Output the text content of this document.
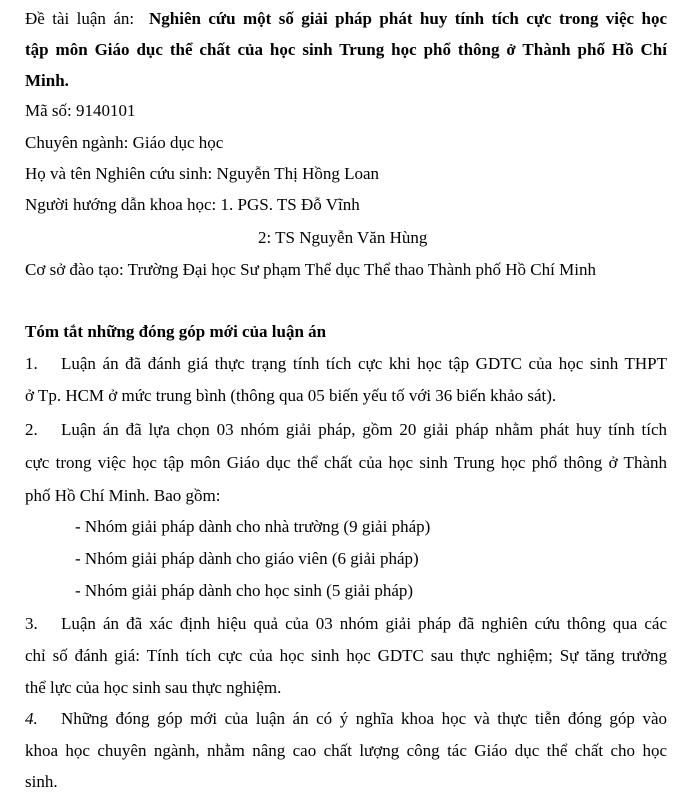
Đề tài luận án: Nghiên cứu một số giải pháp phát huy tính tích cực trong việc học
tập môn Giáo dục thể chất của học sinh Trung học phổ thông ở Thành phố Hồ Chí
Minh.
Mã số: 9140101
Chuyên ngành: Giáo dục học
Họ và tên Nghiên cứu sinh: Nguyễn Thị Hồng Loan
Người hướng dẫn khoa học: 1. PGS. TS Đỗ Vĩnh
2: TS Nguyễn Văn Hùng
Cơ sở đào tạo: Trường Đại học Sư phạm Thể dục Thể thao Thành phố Hồ Chí Minh
Tóm tắt những đóng góp mới của luận án
1. Luận án đã đánh giá thực trạng tính tích cực khi học tập GDTC của học sinh THPT
ở Tp. HCM ở mức trung bình (thông qua 05 biến yếu tố với 36 biến khảo sát).
2. Luận án đã lựa chọn 03 nhóm giải pháp, gồm 20 giải pháp nhằm phát huy tính tích
cực trong việc học tập môn Giáo dục thể chất của học sinh Trung học phổ thông ở Thành
phố Hồ Chí Minh. Bao gồm:
- Nhóm giải pháp dành cho nhà trường (9 giải pháp)
- Nhóm giải pháp dành cho giáo viên (6 giải pháp)
- Nhóm giải pháp dành cho học sinh (5 giải pháp)
3. Luận án đã xác định hiệu quả của 03 nhóm giải pháp đã nghiên cứu thông qua các
chỉ số đánh giá: Tính tích cực của học sinh học GDTC sau thực nghiệm; Sự tăng trưởng
thể lực của học sinh sau thực nghiệm.
4. Những đóng góp mới của luận án có ý nghĩa khoa học và thực tiễn đóng góp vào
khoa học chuyên ngành, nhằm nâng cao chất lượng công tác Giáo dục thể chất cho học
sinh.
